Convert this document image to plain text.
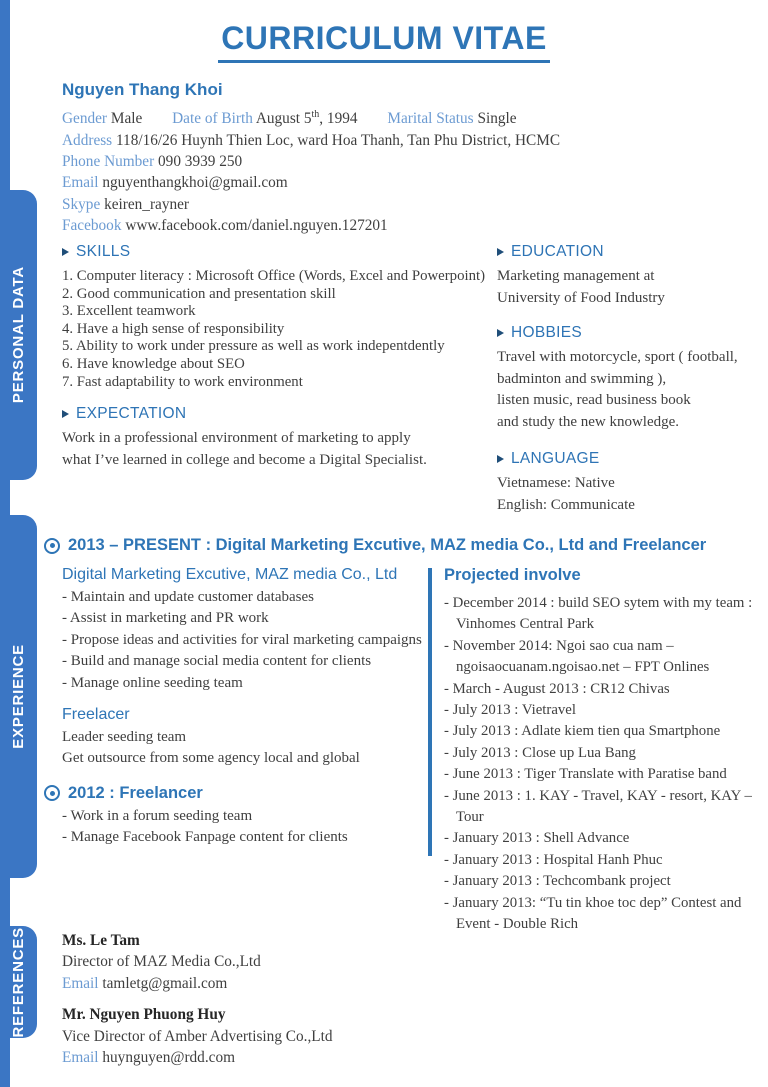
PERSONAL DATA
EXPERIENCE
REFERENCES
CURRICULUM VITAE
Nguyen Thang Khoi
Gender Male Date of Birth August 5th, 1994 Marital Status Single
Address 118/16/26 Huynh Thien Loc, ward Hoa Thanh, Tan Phu District, HCMC
Phone Number 090 3939 250
Email nguyenthangkhoi@gmail.com
Skype keiren_rayner
Facebook www.facebook.com/daniel.nguyen.127201
SKILLS
1. Computer literacy : Microsoft Office (Words, Excel and Powerpoint)
2. Good communication and presentation skill
3. Excellent teamwork
4. Have a high sense of responsibility
5. Ability to work under pressure as well as work indepentdently
6. Have knowledge about SEO
7. Fast adaptability to work environment
EXPECTATION
Work in a professional environment of marketing to apply
what I’ve learned in college and become a Digital Specialist.
EDUCATION
Marketing management at
University of Food Industry
HOBBIES
Travel with motorcycle, sport ( football,
badminton and swimming ),
listen music, read business book
and study the new knowledge.
LANGUAGE
Vietnamese: Native
English: Communicate
2013 – PRESENT : Digital Marketing Excutive, MAZ media Co., Ltd and Freelancer
Digital Marketing Excutive, MAZ media Co., Ltd
- Maintain and update customer databases
- Assist in marketing and PR work
- Propose ideas and activities for viral marketing campaigns
- Build and manage social media content for clients
- Manage online seeding team
Freelacer
Leader seeding team
Get outsource from some agency local and global
2012 : Freelancer
- Work in a forum seeding team
- Manage Facebook Fanpage content for clients
Projected involve
- December 2014 : build SEO sytem with my team : Vinhomes Central Park
- November 2014: Ngoi sao cua nam – ngoisaocuanam.ngoisao.net – FPT Onlines
- March - August 2013 : CR12 Chivas
- July 2013 : Vietravel
- July 2013 : Adlate kiem tien qua Smartphone
- July 2013 : Close up Lua Bang
- June 2013 : Tiger Translate with Paratise band
- June 2013 : 1. KAY - Travel, KAY - resort, KAY – Tour
- January 2013 : Shell Advance
- January 2013 : Hospital Hanh Phuc
- January 2013 : Techcombank project
- January 2013: “Tu tin khoe toc dep” Contest and Event - Double Rich
Ms. Le Tam
Director of MAZ Media Co.,Ltd
Email tamletg@gmail.com
Mr. Nguyen Phuong Huy
Vice Director of Amber Advertising Co.,Ltd
Email huynguyen@rdd.com
